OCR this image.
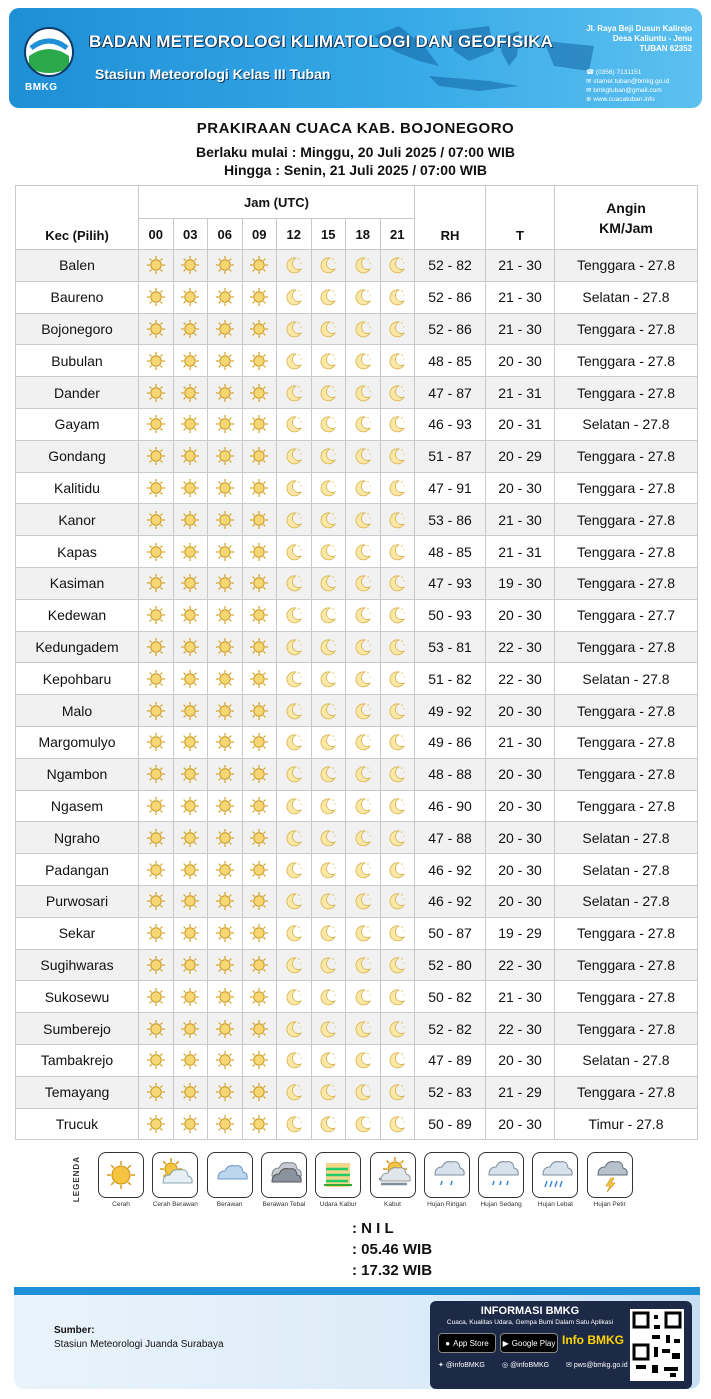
BMKG
BADAN METEOROLOGI KLIMATOLOGI DAN GEOFISIKA
Stasiun Meteorologi Kelas III Tuban
Jl. Raya Beji Dusun Kalirejo
Desa Kaliuntu - Jenu
TUBAN 62352
☎ (0356) 7131151
✉ stamet.tuban@bmkg.go.id
✉ bmkgtuban@gmail.com
⊕ www.cuacatuban.info
PRAKIRAAN CUACA KAB. BOJONEGORO
Berlaku mulai : Minggu, 20 Juli 2025 / 07:00 WIB
Hingga : Senin, 21 Juli 2025 / 07:00 WIB
Kec (Pilih)	Jam (UTC)								RH	T	Angin
KM/Jam

	00	03	06	09	12	15	18	21			
Balen									52 - 82	21 - 30	Tenggara - 27.8
Baureno									52 - 86	21 - 30	Selatan - 27.8
Bojonegoro									52 - 86	21 - 30	Tenggara - 27.8
Bubulan									48 - 85	20 - 30	Tenggara - 27.8
Dander									47 - 87	21 - 31	Tenggara - 27.8
Gayam									46 - 93	20 - 31	Selatan - 27.8
Gondang									51 - 87	20 - 29	Tenggara - 27.8
Kalitidu									47 - 91	20 - 30	Tenggara - 27.8
Kanor									53 - 86	21 - 30	Tenggara - 27.8
Kapas									48 - 85	21 - 31	Tenggara - 27.8
Kasiman									47 - 93	19 - 30	Tenggara - 27.8
Kedewan									50 - 93	20 - 30	Tenggara - 27.7
Kedungadem									53 - 81	22 - 30	Tenggara - 27.8
Kepohbaru									51 - 82	22 - 30	Selatan - 27.8
Malo									49 - 92	20 - 30	Tenggara - 27.8
Margomulyo									49 - 86	21 - 30	Tenggara - 27.8
Ngambon									48 - 88	20 - 30	Tenggara - 27.8
Ngasem									46 - 90	20 - 30	Tenggara - 27.8
Ngraho									47 - 88	20 - 30	Selatan - 27.8
Padangan									46 - 92	20 - 30	Selatan - 27.8
Purwosari									46 - 92	20 - 30	Selatan - 27.8
Sekar									50 - 87	19 - 29	Tenggara - 27.8
Sugihwaras									52 - 80	22 - 30	Tenggara - 27.8
Sukosewu									50 - 82	21 - 30	Tenggara - 27.8
Sumberejo									52 - 82	22 - 30	Tenggara - 27.8
Tambakrejo									47 - 89	20 - 30	Selatan - 27.8
Temayang									52 - 83	21 - 29	Tenggara - 27.8
Trucuk									50 - 89	20 - 30	Timur - 27.8
LEGENDA
Cerah	Cerah Berawan	Berawan	Berawan Tebal	Udara Kabur	Kabut	Hujan Ringan	Hujan Sedang	Hujan Lebat	Hujan Petir
: N I L
: 05.46 WIB
: 17.32 WIB
Sumber:
Stasiun Meteorologi Juanda Surabaya
INFORMASI BMKG
Cuaca, Kualitas Udara, Gempa Bumi Dalam Satu Aplikasi
● App Store ▶ Google Play Info BMKG
✦ @infoBMKG ◎ @infoBMKG ✉ pws@bmkg.go.id
